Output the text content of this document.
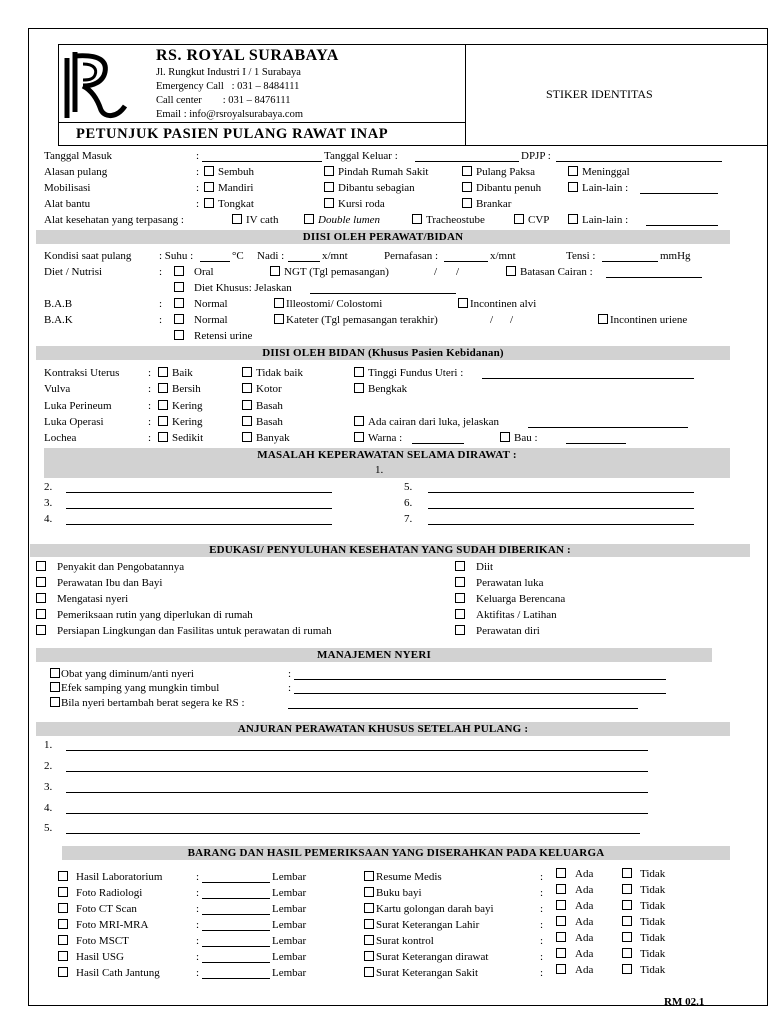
RS. ROYAL SURABAYA
Jl. Rungkut Industri I / 1 Surabaya
Emergency Call   : 031 – 8484111
Call center        : 031 – 8476111
Email : info@rsroyalsurabaya.com
PETUNJUK PASIEN PULANG RAWAT INAP
STIKER IDENTITAS
Tanggal Masuk	:	Tanggal Keluar :	DPJP :
Alasan pulang	:	Sembuh	Pindah Rumah Sakit	Pulang Paksa	Meninggal
Mobilisasi	:	Mandiri	Dibantu sebagian	Dibantu penuh	Lain-lain :
Alat bantu	:	Tongkat	Kursi roda	Brankar
Alat kesehatan yang terpasang :	IV cath	Double lumen	Tracheostube	CVP	Lain-lain :
DIISI OLEH PERAWAT/BIDAN
Kondisi saat pulang	: Suhu :	°C Nadi :	x/mnt	Pernafasan :	x/mnt	Tensi :	mmHg
Diet / Nutrisi	:	Oral	NGT (Tgl pemasangan)	/ /	Batasan Cairan :
Diet Khusus: Jelaskan
B.A.B	:	Normal	Illeostomi/ Colostomi	Incontinen alvi
B.A.K	:	Normal	Kateter (Tgl pemasangan terakhir)	/ /	Incontinen uriene
Retensi urine
DIISI OLEH BIDAN (Khusus Pasien Kebidanan)
Kontraksi Uterus	:	Baik	Tidak baik	Tinggi Fundus Uteri :
Vulva	:	Bersih	Kotor	Bengkak
Luka Perineum	:	Kering	Basah
Luka Operasi	:	Kering	Basah	Ada cairan dari luka, jelaskan
Lochea	:	Sedikit	Banyak	Warna :	Bau :
MASALAH KEPERAWATAN SELAMA DIRAWAT :
1.
2.
3.
4.
5.
6.
7.
EDUKASI/ PENYULUHAN KESEHATAN YANG SUDAH DIBERIKAN :
Penyakit dan Pengobatannya
Perawatan Ibu dan Bayi
Mengatasi nyeri
Pemeriksaan rutin yang diperlukan di rumah
Persiapan Lingkungan dan Fasilitas untuk perawatan di rumah
Diit
Perawatan luka
Keluarga Berencana
Aktifitas / Latihan
Perawatan diri
MANAJEMEN NYERI
Obat yang diminum/anti nyeri	:
Efek samping yang mungkin timbul	:
Bila nyeri bertambah berat segera ke RS :
ANJURAN PERAWATAN KHUSUS SETELAH PULANG :
1.
2.
3.
4.
5.
BARANG DAN HASIL PEMERIKSAAN YANG DISERAHKAN PADA KELUARGA
Hasil Laboratorium	:	Lembar
Foto Radiologi	:	Lembar
Foto CT Scan	:	Lembar
Foto MRI-MRA	:	Lembar
Foto MSCT	:	Lembar
Hasil USG	:	Lembar
Hasil Cath Jantung	:	Lembar
Resume Medis	:	Ada	Tidak
Buku bayi	:	Ada	Tidak
Kartu golongan darah bayi	:	Ada	Tidak
Surat Keterangan Lahir	:	Ada	Tidak
Surat kontrol	:	Ada	Tidak
Surat Keterangan dirawat	:	Ada	Tidak
Surat Keterangan Sakit	:	Ada	Tidak
RM 02.1
